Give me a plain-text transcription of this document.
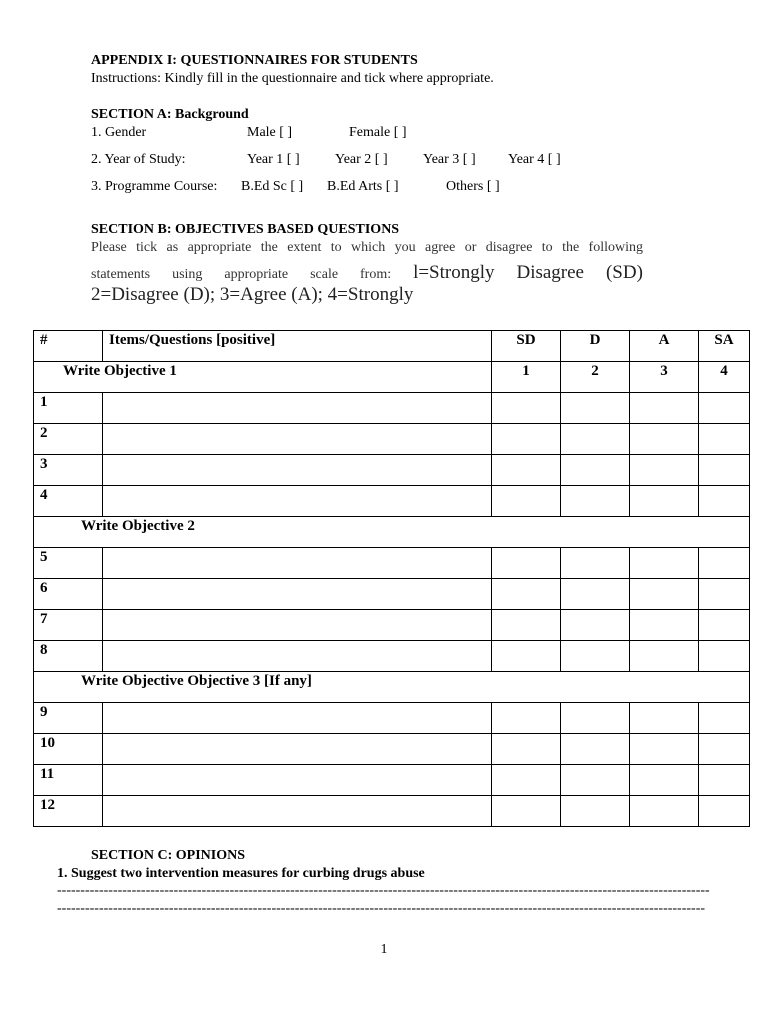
APPENDIX I: QUESTIONNAIRES FOR STUDENTS
Instructions: Kindly fill in the questionnaire and tick where appropriate.
SECTION A: Background
1. Gender	Male [ ]	Female [ ]
2. Year of Study:	Year 1 [ ]	Year 2 [ ]	Year 3 [ ] Year 4 [ ]
3. Programme Course: B.Ed Sc [ ] B.Ed Arts [ ]	Others [ ]
SECTION B: OBJECTIVES BASED QUESTIONS
Please tick as appropriate the extent to which you agree or disagree to the following
statements using appropriate scale from: l=Strongly Disagree (SD)
2=Disagree (D); 3=Agree (A); 4=Strongly
#	Items/Questions [positive]	SD	D	A	SA
Write Objective 1		1	2	3	4
1					
2					
3					
4					
Write Objective 2					
5					
6					
7					
8					
Write Objective Objective 3 [If any]					
9					
10					
11					
12					
SECTION C: OPINIONS
1. Suggest two intervention measures for curbing drugs abuse
--------------------------------------------------------------------------------------------------------------------------------------------
-------------------------------------------------------------------------------------------------------------------------------------------
1
